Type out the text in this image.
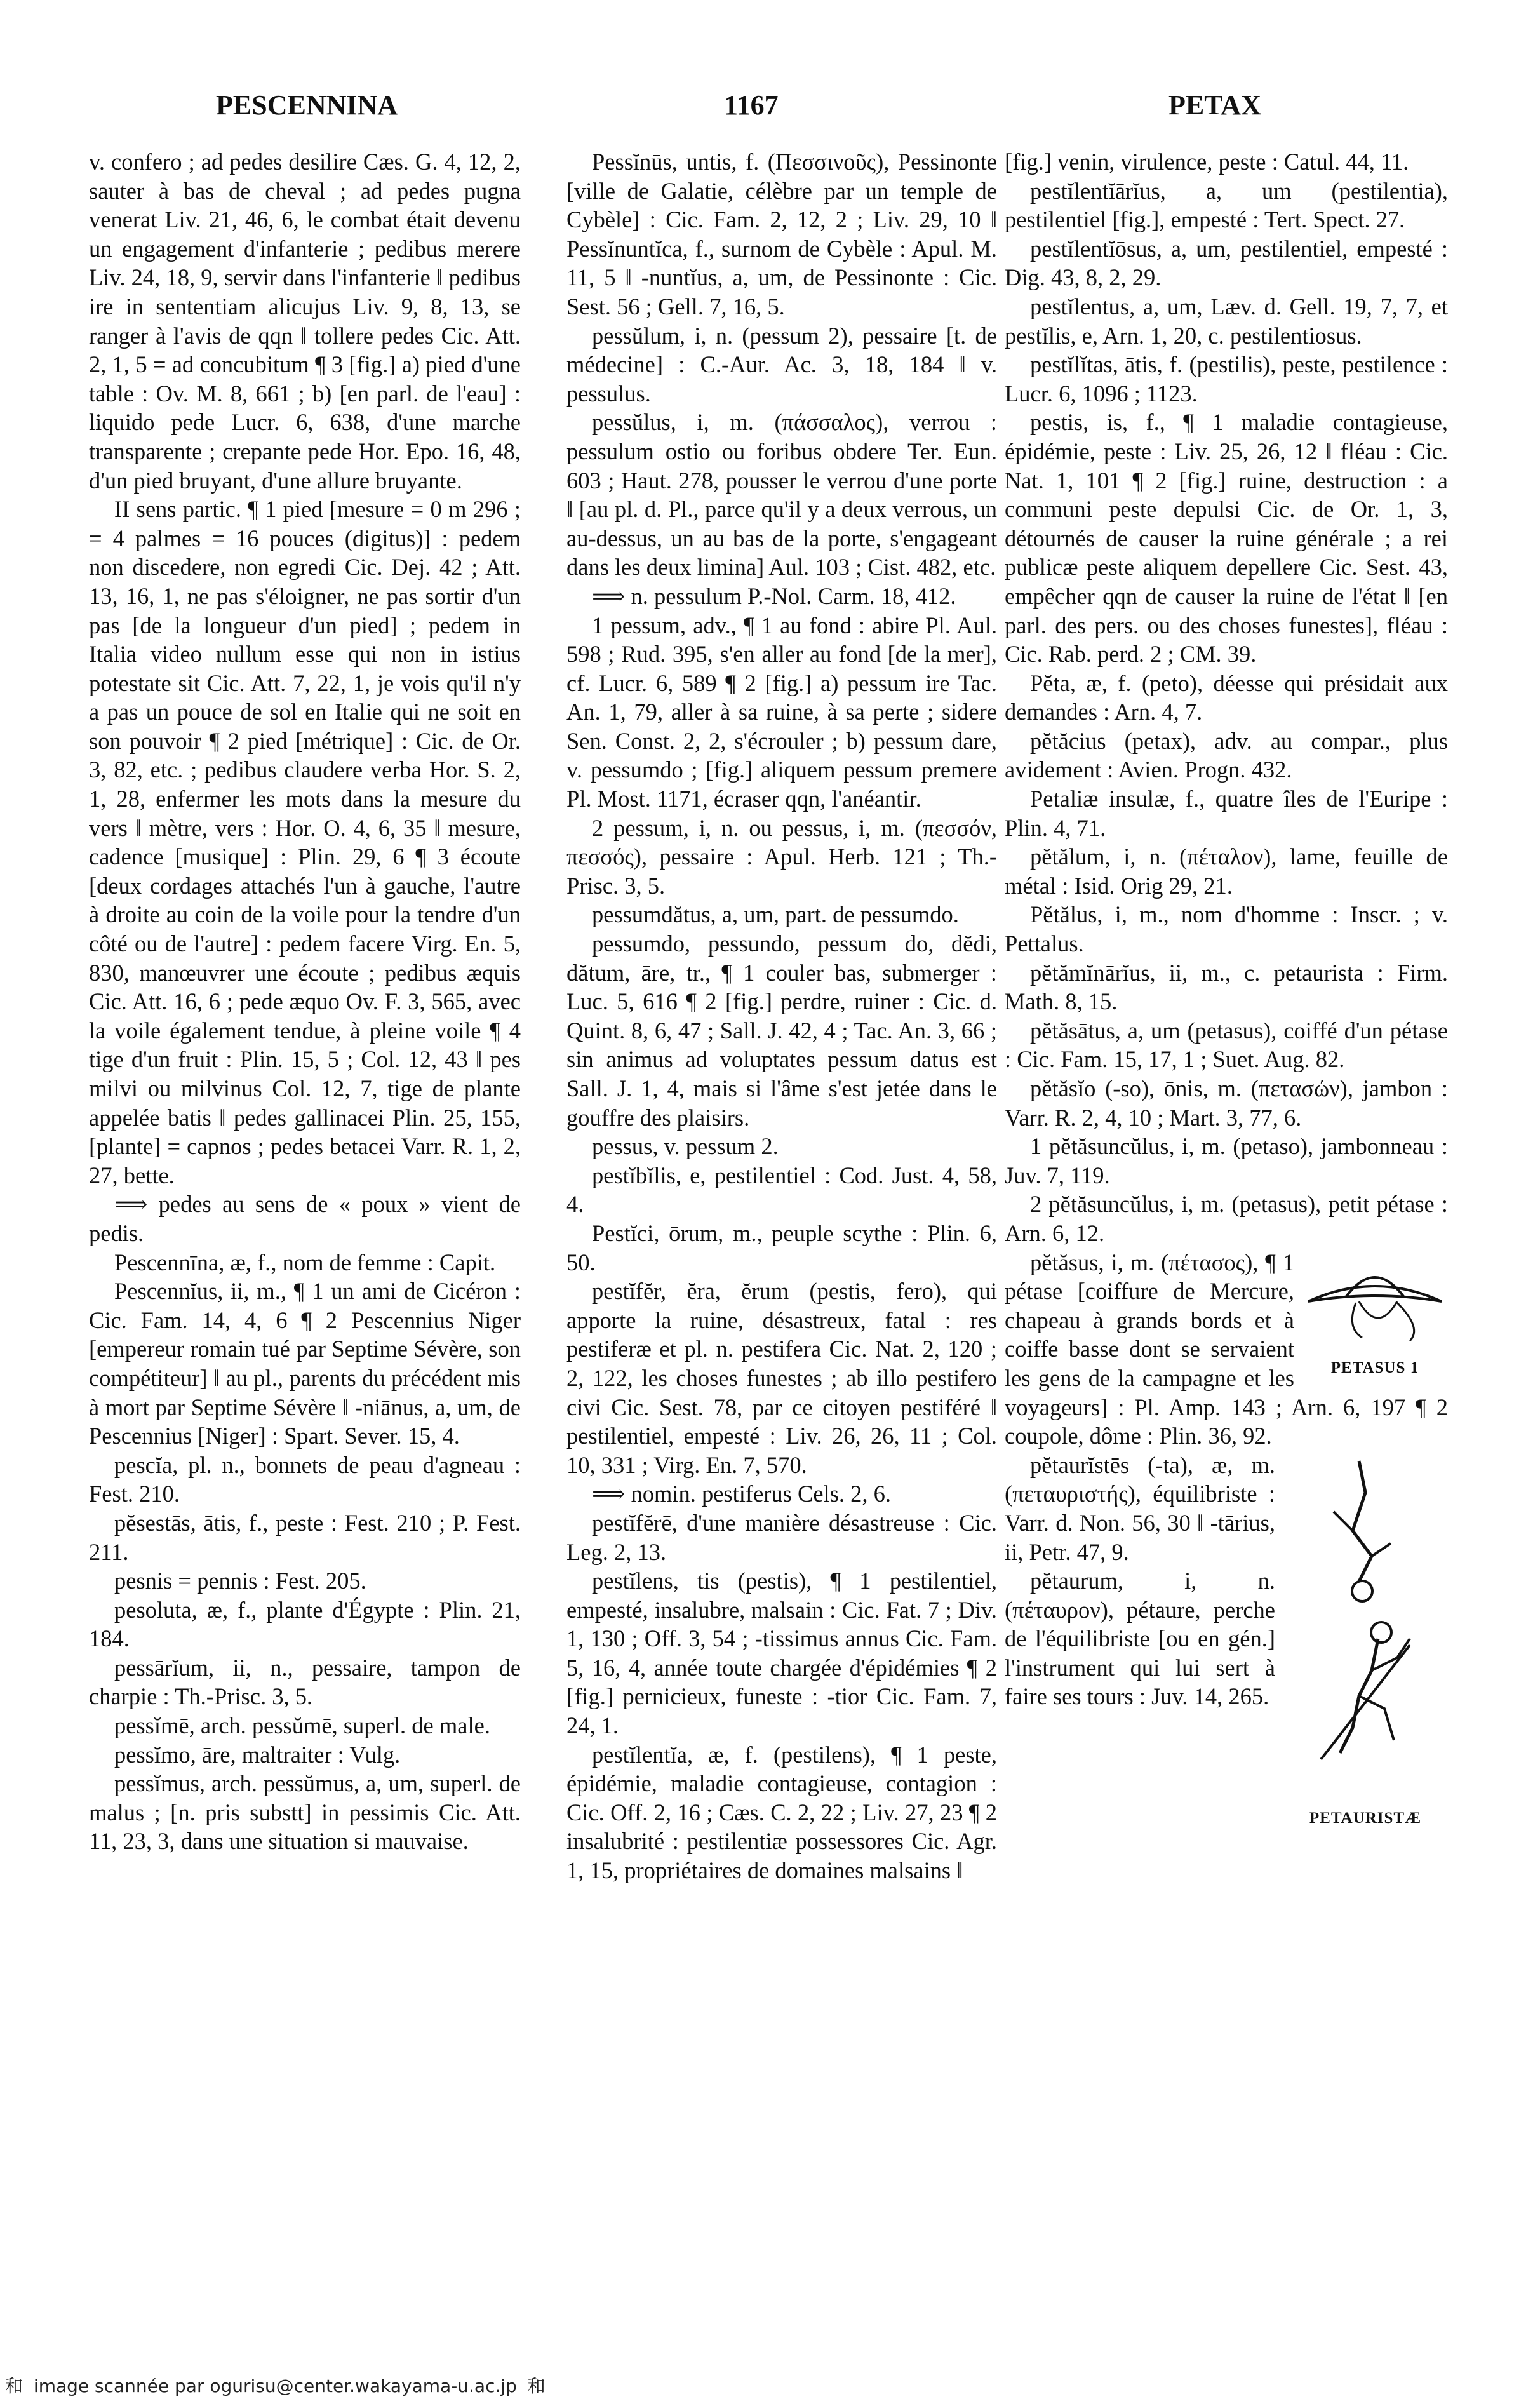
PESCENNINA	1167	PETAX

v. confero ; ad pedes desilire Cæs. G. 4, 12, 2, sauter à bas de cheval ; ad pedes pugna venerat Liv. 21, 46, 6, le combat était devenu un engagement d'infanterie ; pedibus merere Liv. 24, 18, 9, servir dans l'infanterie ‖ pedibus ire in sententiam alicujus Liv. 9, 8, 13, se ranger à l'avis de qqn ‖ tollere pedes Cic. Att. 2, 1, 5 = ad concubitum ¶ 3 [fig.] a) pied d'une table : Ov. M. 8, 661 ; b) [en parl. de l'eau] : liquido pede Lucr. 6, 638, d'une marche transparente ; crepante pede Hor. Epo. 16, 48, d'un pied bruyant, d'une allure bruyante.

II sens partic. ¶ 1 pied [mesure = 0 m 296 ; = 4 palmes = 16 pouces (digitus)] : pedem non discedere, non egredi Cic. Dej. 42 ; Att. 13, 16, 1, ne pas s'éloigner, ne pas sortir d'un pas [de la longueur d'un pied] ; pedem in Italia video nullum esse qui non in istius potestate sit Cic. Att. 7, 22, 1, je vois qu'il n'y a pas un pouce de sol en Italie qui ne soit en son pouvoir ¶ 2 pied [métrique] : Cic. de Or. 3, 82, etc. ; pedibus claudere verba Hor. S. 2, 1, 28, enfermer les mots dans la mesure du vers ‖ mètre, vers : Hor. O. 4, 6, 35 ‖ mesure, cadence [musique] : Plin. 29, 6 ¶ 3 écoute [deux cordages attachés l'un à gauche, l'autre à droite au coin de la voile pour la tendre d'un côté ou de l'autre] : pedem facere Virg. En. 5, 830, manœuvrer une écoute ; pedibus æquis Cic. Att. 16, 6 ; pede æquo Ov. F. 3, 565, avec la voile également tendue, à pleine voile ¶ 4 tige d'un fruit : Plin. 15, 5 ; Col. 12, 43 ‖ pes milvi ou milvinus Col. 12, 7, tige de plante appelée batis ‖ pedes gallinacei Plin. 25, 155, [plante] = capnos ; pedes betacei Varr. R. 1, 2, 27, bette.

⟹ pedes au sens de « poux » vient de pedis.

Pescennīna, æ, f., nom de femme : Capit.

Pescennĭus, ii, m., ¶ 1 un ami de Cicéron : Cic. Fam. 14, 4, 6 ¶ 2 Pescennius Niger [empereur romain tué par Septime Sévère, son compétiteur] ‖ au pl., parents du précédent mis à mort par Septime Sévère ‖ -niānus, a, um, de Pescennius [Niger] : Spart. Sever. 15, 4.

pescĭa, pl. n., bonnets de peau d'agneau : Fest. 210.

pĕsestās, ātis, f., peste : Fest. 210 ; P. Fest. 211.

pesnis = pennis : Fest. 205.

pesoluta, æ, f., plante d'Égypte : Plin. 21, 184.

pessārĭum, ii, n., pessaire, tampon de charpie : Th.-Prisc. 3, 5.

pessĭmē, arch. pessŭmē, superl. de male.

pessĭmo, āre, maltraiter : Vulg.

pessĭmus, arch. pessŭmus, a, um, superl. de malus ; [n. pris substt] in pessimis Cic. Att. 11, 23, 3, dans une situation si mauvaise.

Pessĭnūs, untis, f. (Πεσσινοῦς), Pessinonte [ville de Galatie, célèbre par un temple de Cybèle] : Cic. Fam. 2, 12, 2 ; Liv. 29, 10 ‖ Pessĭnuntĭca, f., surnom de Cybèle : Apul. M. 11, 5 ‖ -nuntĭus, a, um, de Pessinonte : Cic. Sest. 56 ; Gell. 7, 16, 5.

pessŭlum, i, n. (pessum 2), pessaire [t. de médecine] : C.-Aur. Ac. 3, 18, 184 ‖ v. pessulus.

pessŭlus, i, m. (πάσσαλος), verrou : pessulum ostio ou foribus obdere Ter. Eun. 603 ; Haut. 278, pousser le verrou d'une porte ‖ [au pl. d. Pl., parce qu'il y a deux verrous, un au-dessus, un au bas de la porte, s'engageant dans les deux limina] Aul. 103 ; Cist. 482, etc.

⟹ n. pessulum P.-Nol. Carm. 18, 412.

1 pessum, adv., ¶ 1 au fond : abire Pl. Aul. 598 ; Rud. 395, s'en aller au fond [de la mer], cf. Lucr. 6, 589 ¶ 2 [fig.] a) pessum ire Tac. An. 1, 79, aller à sa ruine, à sa perte ; sidere Sen. Const. 2, 2, s'écrouler ; b) pessum dare, v. pessumdo ; [fig.] aliquem pessum premere Pl. Most. 1171, écraser qqn, l'anéantir.

2 pessum, i, n. ou pessus, i, m. (πεσσόν, πεσσός), pessaire : Apul. Herb. 121 ; Th.-Prisc. 3, 5.

pessumdătus, a, um, part. de pessumdo.

pessumdo, pessundo, pessum do, dĕdi, dătum, āre, tr., ¶ 1 couler bas, submerger : Luc. 5, 616 ¶ 2 [fig.] perdre, ruiner : Cic. d. Quint. 8, 6, 47 ; Sall. J. 42, 4 ; Tac. An. 3, 66 ; sin animus ad voluptates pessum datus est Sall. J. 1, 4, mais si l'âme s'est jetée dans le gouffre des plaisirs.

pessus, v. pessum 2.

pestĭbĭlis, e, pestilentiel : Cod. Just. 4, 58, 4.

Pestĭci, ōrum, m., peuple scythe : Plin. 6, 50.

pestĭfĕr, ĕra, ĕrum (pestis, fero), qui apporte la ruine, désastreux, fatal : res pestiferæ et pl. n. pestifera Cic. Nat. 2, 120 ; 2, 122, les choses funestes ; ab illo pestifero civi Cic. Sest. 78, par ce citoyen pestiféré ‖ pestilentiel, empesté : Liv. 26, 26, 11 ; Col. 10, 331 ; Virg. En. 7, 570.

⟹ nomin. pestiferus Cels. 2, 6.

pestĭfĕrē, d'une manière désastreuse : Cic. Leg. 2, 13.

pestĭlens, tis (pestis), ¶ 1 pestilentiel, empesté, insalubre, malsain : Cic. Fat. 7 ; Div. 1, 130 ; Off. 3, 54 ; -tissimus annus Cic. Fam. 5, 16, 4, année toute chargée d'épidémies ¶ 2 [fig.] pernicieux, funeste : -tior Cic. Fam. 7, 24, 1.

pestĭlentĭa, æ, f. (pestilens), ¶ 1 peste, épidémie, maladie contagieuse, contagion : Cic. Off. 2, 16 ; Cæs. C. 2, 22 ; Liv. 27, 23 ¶ 2 insalubrité : pestilentiæ possessores Cic. Agr. 1, 15, propriétaires de domaines malsains ‖

[fig.] venin, virulence, peste : Catul. 44, 11.

pestĭlentĭārĭus, a, um (pestilentia), pestilentiel [fig.], empesté : Tert. Spect. 27.

pestĭlentĭōsus, a, um, pestilentiel, empesté : Dig. 43, 8, 2, 29.

pestĭlentus, a, um, Læv. d. Gell. 19, 7, 7, et pestĭlis, e, Arn. 1, 20, c. pestilentiosus.

pestĭlĭtas, ātis, f. (pestilis), peste, pestilence : Lucr. 6, 1096 ; 1123.

pestis, is, f., ¶ 1 maladie contagieuse, épidémie, peste : Liv. 25, 26, 12 ‖ fléau : Cic. Nat. 1, 101 ¶ 2 [fig.] ruine, destruction : a communi peste depulsi Cic. de Or. 1, 3, détournés de causer la ruine générale ; a rei publicæ peste aliquem depellere Cic. Sest. 43, empêcher qqn de causer la ruine de l'état ‖ [en parl. des pers. ou des choses funestes], fléau : Cic. Rab. perd. 2 ; CM. 39.

Pĕta, æ, f. (peto), déesse qui présidait aux demandes : Arn. 4, 7.

pĕtăcius (petax), adv. au compar., plus avidement : Avien. Progn. 432.

Petaliæ insulæ, f., quatre îles de l'Euripe : Plin. 4, 71.

pĕtălum, i, n. (πέταλον), lame, feuille de métal : Isid. Orig 29, 21.

Pĕtălus, i, m., nom d'homme : Inscr. ; v. Pettalus.

pĕtămĭnārĭus, ii, m., c. petaurista : Firm. Math. 8, 15.

pĕtăsātus, a, um (petasus), coiffé d'un pétase : Cic. Fam. 15, 17, 1 ; Suet. Aug. 82.

pĕtăsĭo (-so), ōnis, m. (πετασών), jambon : Varr. R. 2, 4, 10 ; Mart. 3, 77, 6.

1 pĕtăsuncŭlus, i, m. (petaso), jambonneau : Juv. 7, 119.

2 pĕtăsuncŭlus, i, m. (petasus), petit pétase : Arn. 6, 12.

PETASUS 1

pĕtăsus, i, m. (πέτασος), ¶ 1 pétase [coiffure de Mercure, chapeau à grands bords et à coiffe basse dont se servaient les gens de la campagne et les voyageurs] : Pl. Amp. 143 ; Arn. 6, 197 ¶ 2 coupole, dôme : Plin. 36, 92.

PETAURISTÆ

pĕtaurĭstēs (-ta), æ, m. (πεταυριστής), équilibriste : Varr. d. Non. 56, 30 ‖ -tārius, ii, Petr. 47, 9.

pĕtaurum, i, n. (πέταυρον), pétaure, perche de l'équilibriste [ou en gén.] l'instrument qui lui sert à faire ses tours : Juv. 14, 265.

和 image scannée par ogurisu@center.wakayama-u.ac.jp 和
